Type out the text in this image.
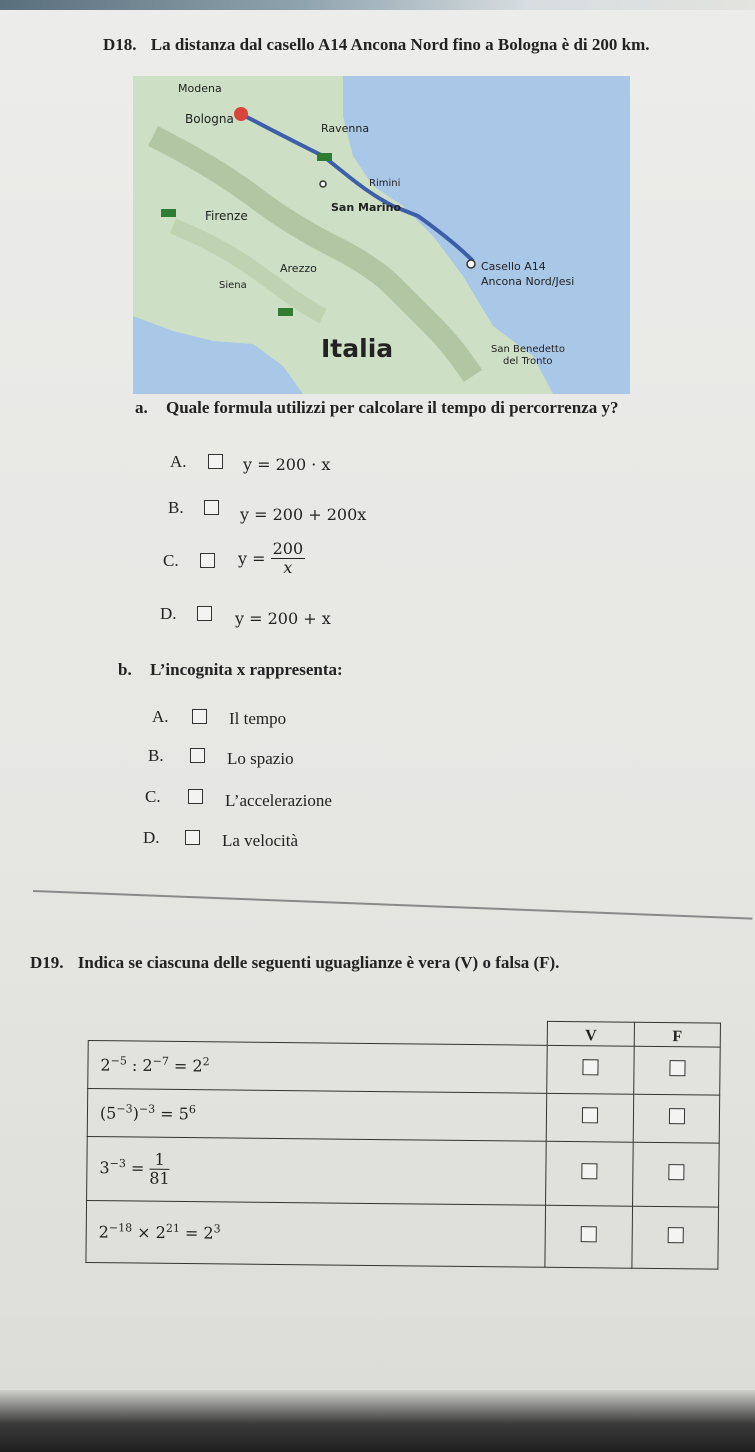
D18. La distanza dal casello A14 Ancona Nord fino a Bologna è di 200 km.
Modena
Bologna
Ravenna
Rimini
San Marino
Firenze
Arezzo
Siena
Casello A14
Ancona Nord/Jesi
Italia	San Benedetto
del Tronto
a. Quale formula utilizzi per calcolare il tempo di percorrenza y?
A.	y = 200 · x
B.	y = 200 + 200x
C.	$y = \frac{200}{x}$
D.	y = 200 + x
b. L’incognita x rappresenta:
A.	Il tempo
B.	Lo spazio
C.	L’accelerazione
D.	La velocità
D19. Indica se ciascuna delle seguenti uguaglianze è vera (V) o falsa (F).
	V	F
$2^{-5}$ : $2^{-7} = 2^2$		
$(5^{-3})^{-3} = 5^6$		
$3^{-3} = \frac{1}{81}$

$2^{-18} \times 2^{21} = 2^3$		
